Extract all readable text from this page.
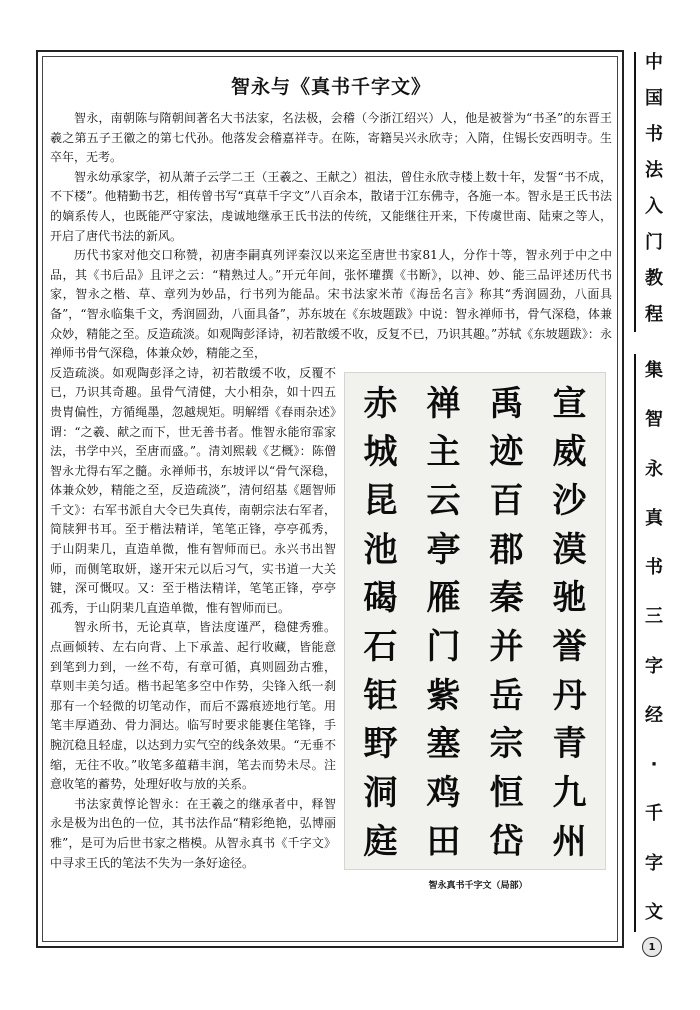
智永与《真书千字文》

智永，南朝陈与隋朝间著名大书法家，名法极，会稽（今浙江绍兴）人，他是被誉为“书圣”的东晋王羲之第五子王徽之的第七代孙。他落发会稽嘉祥寺。在陈，寄籍吴兴永欣寺；入隋，住锡长安西明寺。生卒年，无考。

智永幼承家学，初从萧子云学二王（王羲之、王献之）祖法，曾住永欣寺楼上数十年，发誓“书不成，不下楼”。他精勤书艺，相传曾书写“真草千字文”八百余本，散诸于江东佛寺，各施一本。智永是王氏书法的嫡系传人，也既能严守家法，虔诚地继承王氏书法的传统，又能继往开来，下传虞世南、陆柬之等人，开启了唐代书法的新风。

历代书家对他交口称赞，初唐李嗣真列评秦汉以来迄至唐世书家81人，分作十等，智永列于中之中品，其《书后品》且评之云：“精熟过人。”开元年间，张怀瓘撰《书断》，以神、妙、能三品评述历代书家，智永之楷、草、章列为妙品，行书列为能品。宋书法家米芾《海岳名言》称其“秀润圆劲，八面具备”，“智永临集千文，秀润圆劲，八面具备”，苏东坡在《东坡题跋》中说：智永禅师书，骨气深稳，体兼众妙，精能之至。反造疏淡。如观陶彭泽诗，初若散缓不收，反复不已，乃识其趣。”苏轼《东坡题跋》：永禅师书骨气深稳，体兼众妙，精能之至，

反造疏淡。如观陶彭泽之诗，初若散缓不收，反覆不已，乃识其奇趣。虽骨气清健，大小相杂，如十四五贵胄偏性，方循绳墨，忽越规矩。明解缙《春雨杂述》谓：“之羲、献之而下，世无善书者。惟智永能帘霏家法，书学中兴，至唐而盛。”。清刘熙载《艺概》：陈僧智永尤得右军之髓。永禅师书，东坡评以“骨气深稳，体兼众妙，精能之至，反造疏淡”，清何绍基《题智师千文》：右军书派自大令已失真传，南朝宗法右军者，简牍狎书耳。至于楷法精详，笔笔正锋，亭亭孤秀，于山阴棐几，直造单微，惟有智师而已。永兴书出智师，而侧笔取妍，遂开宋元以后习气，实书道一大关键，深可慨叹。又：至于楷法精详，笔笔正锋，亭亭孤秀，于山阴棐几直造单微，惟有智师而已。

智永所书，无论真草，皆法度谨严，稳健秀雅。点画倾转、左右向背、上下承盖、起行收藏，皆能意到笔到力到，一丝不苟，有章可循，真则圆劲古雅，草则丰美匀适。楷书起笔多空中作势，尖锋入纸一刹那有一个轻微的切笔动作，而后不露痕迹地行笔。用笔丰厚遒劲、骨力洞达。临写时要求能裹住笔锋，手腕沉稳且轻虚，以达到力实气空的线条效果。“无垂不缩，无往不收。”收笔多蕴藉丰润，笔去而势未尽。注意收笔的蓄势，处理好收与放的关系。

书法家黄惇论智永：在王羲之的继承者中，释智永是极为出色的一位，其书法作品“精彩绝艳，弘博丽雅”，是可为后世书家之楷模。从智永真书《千字文》中寻求王氏的笔法不失为一条好途径。

宣
威
沙
漠
驰
誉
丹
青
九
州
禹
迹
百
郡
秦
并
岳
宗
恒
岱
禅
主
云
亭
雁
门
紫
塞
鸡
田
赤
城
昆
池
碣
石
钜
野
洞
庭
智永真书千字文（局部）
中
国
书
法
入
门
教
程
集
智
永
真
书
三
字
经
·
千
字
文
1
